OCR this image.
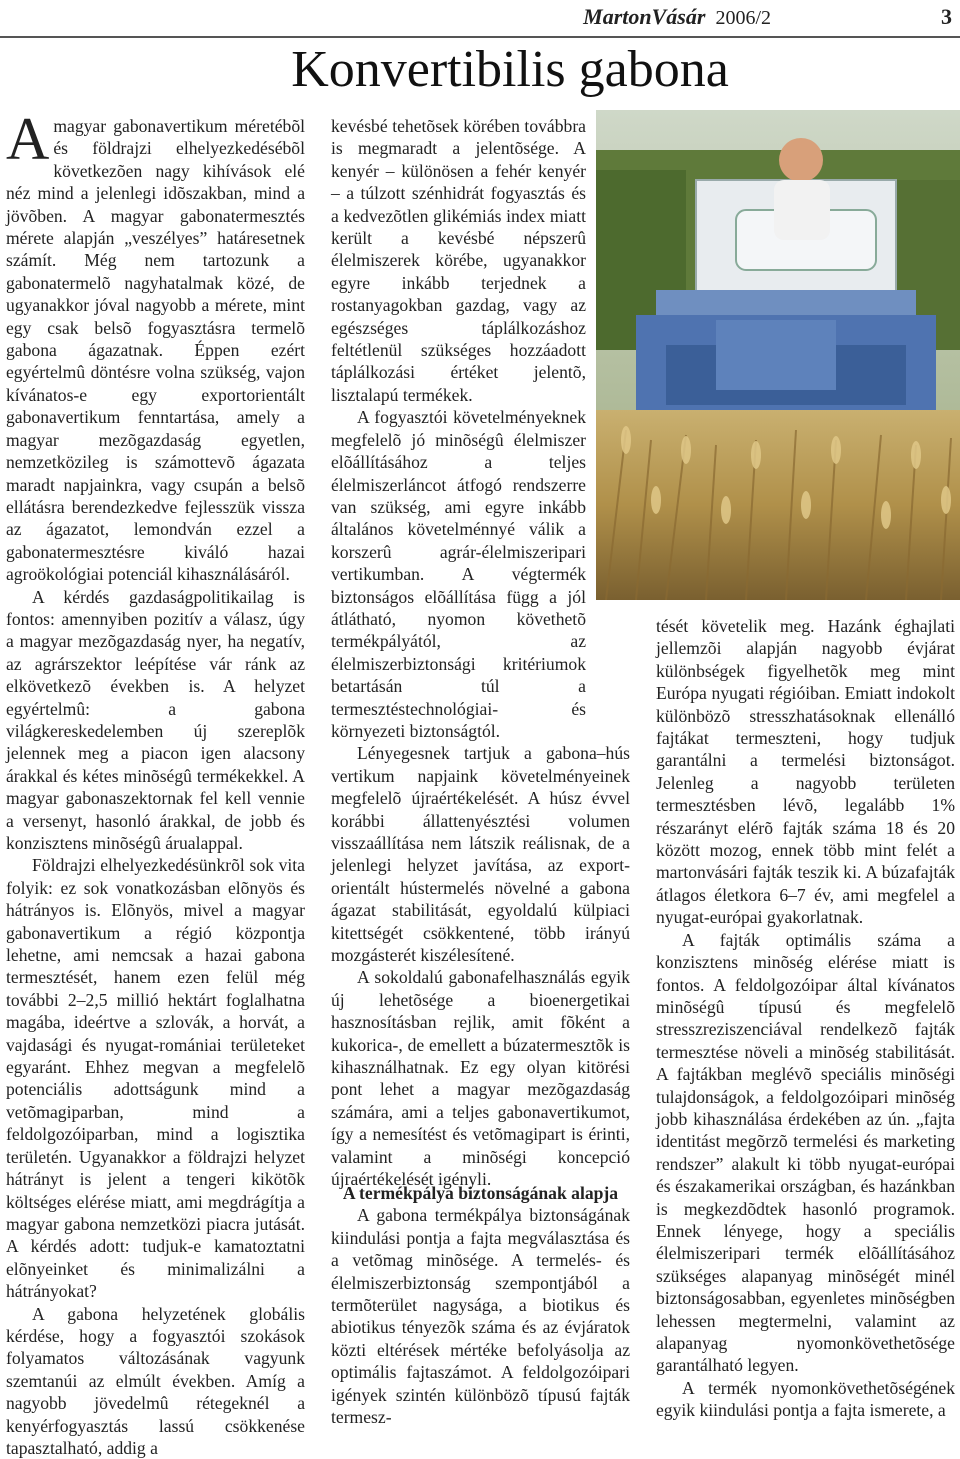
MartonVásár 2006/2	3
Konvertibilis gabona

Amagyar gabonavertikum méretébõl és földrajzi elhelyezkedésébõl következõen nagy kihívások elé néz mind a jelenlegi idõszakban, mind a jövõben. A magyar gabonatermesztés mérete alapján „veszélyes” határesetnek számít. Még nem tartozunk a gabonatermelõ nagyhatalmak közé, de ugyanakkor jóval nagyobb a mérete, mint egy csak belsõ fogyasztásra termelõ gabona ágazatnak. Éppen ezért egyértelmû döntésre volna szükség, vajon kívánatos-e egy exportorientált gabonavertikum fenntartása, amely a magyar mezõgazdaság egyetlen, nemzetközileg is számottevõ ágazata maradt napjainkra, vagy csupán a belsõ ellátásra berendezkedve fejlesszük vissza az ágazatot, lemondván ezzel a gabonatermesztésre kiváló hazai agroökológiai potenciál kihasználásáról.

A kérdés gazdaságpolitikailag is fontos: amennyiben pozitív a válasz, úgy a magyar mezõgazdaság nyer, ha negatív, az agrárszektor leépítése vár ránk az elkövetkezõ években is. A helyzet egyértelmû: a gabona világkereskedelemben új szereplõk jelennek meg a piacon igen alacsony árakkal és kétes minõségû termékekkel. A magyar gabonaszektornak fel kell vennie a versenyt, hasonló árakkal, de jobb és konzisztens minõségû árualappal.

Földrajzi elhelyezkedésünkrõl sok vita folyik: ez sok vonatkozásban elõnyös és hátrányos is. Elõnyös, mivel a magyar gabonavertikum a régió központja lehetne, ami nemcsak a hazai gabona termesztését, hanem ezen felül még további 2–2,5 millió hektárt foglalhatna magába, ideértve a szlovák, a horvát, a vajdasági és nyugat-romániai területeket egyaránt. Ehhez megvan a megfelelõ potenciális adottságunk mind a vetõmagiparban, mind a feldolgozóiparban, mind a logisztika területén. Ugyanakkor a földrajzi helyzet hátrányt is jelent a tengeri kikötõk költséges elérése miatt, ami megdrágítja a magyar gabona nemzetközi piacra jutását. A kérdés adott: tudjuk-e kamatoztatni elõnyeinket és minimalizálni a hátrányokat?

A gabona helyzetének globális kérdése, hogy a fogyasztói szokások folyamatos változásának vagyunk szemtanúi az elmúlt években. Amíg a nagyobb jövedelmû rétegeknél a kenyérfogyasztás lassú csökkenése tapasztalható, addig a

kevésbé tehetõsek körében továbbra is megmaradt a jelentõsége. A kenyér – különösen a fehér kenyér – a túlzott szénhidrát fogyasztás és a kedvezõtlen glikémiás index miatt került a kevésbé népszerû élelmiszerek körébe, ugyanakkor egyre inkább terjednek a rostanyagokban gazdag, vagy az egészséges táplálkozáshoz feltétlenül szükséges hozzáadott táplálkozási értéket jelentõ, lisztalapú termékek.

A fogyasztói követelményeknek megfelelõ jó minõségû élelmiszer elõállításához a teljes élelmiszerláncot átfogó rendszerre van szükség, ami egyre inkább általános követelménnyé válik a korszerû agrár-élelmiszeripari vertikumban. A végtermék biztonságos elõállítása függ a jól átlátható, nyomon követhetõ termékpályától, az élelmiszerbiztonsági kritériumok betartásán túl a termesztéstechnológiai- és környezeti biztonságtól.

Lényegesnek tartjuk a gabona–hús vertikum napjaink követelményeinek megfelelõ újraértékelését. A húsz évvel korábbi állattenyésztési volumen visszaállítása nem látszik reálisnak, de a jelenlegi helyzet javítása, az export-orientált hústermelés növelné a gabona ágazat stabilitását, egyoldalú külpiaci kitettségét csökkentené, több irányú mozgásterét kiszélesítené.

A sokoldalú gabonafelhasználás egyik új lehetõsége a bioenergetikai hasznosításban rejlik, amit fõként a kukorica-, de emellett a búzatermesztõk is kihasználhatnak. Ez egy olyan kitörési pont lehet a magyar mezõgazdaság számára, ami a teljes gabonavertikumot, így a nemesítést és vetõmagipart is érinti, valamint a minõségi koncepció újraértékelését igényli.

A termékpálya biztonságának alapja

A gabona termékpálya biztonságának kiindulási pontja a fajta megválasztása és a vetõmag minõsége. A termelés- és élelmiszerbiztonság szempontjából a termõterület nagysága, a biotikus és abiotikus tényezõk száma és az évjáratok közti eltérések mértéke befolyásolja az optimális fajtaszámot. A feldolgozóipari igények szintén különbözõ típusú fajták termesz-

tését követelik meg. Hazánk éghajlati jellemzõi alapján nagyobb évjárat különbségek figyelhetõk meg mint Európa nyugati régióiban. Emiatt indokolt különbözõ stresszhatásoknak ellenálló fajtákat termeszteni, hogy tudjuk garantálni a termelési biztonságot. Jelenleg a nagyobb területen termesztésben lévõ, legalább 1% részarányt elérõ fajták száma 18 és 20 között mozog, ennek több mint felét a martonvásári fajták teszik ki. A búzafajták átlagos életkora 6–7 év, ami megfelel a nyugat-európai gyakorlatnak.

A fajták optimális száma a konzisztens minõség elérése miatt is fontos. A feldolgozóipar által kívánatos minõségû típusú és megfelelõ stresszreziszenciával rendelkezõ fajták termesztése növeli a minõség stabilitását. A fajtákban meglévõ speciális minõségi tulajdonságok, a feldolgozóipari minõség jobb kihasználása érdekében az ún. „fajta identitást megõrzõ termelési és marketing rendszer” alakult ki több nyugat-európai és északamerikai országban, és hazánkban is megkezdõdtek hasonló programok. Ennek lényege, hogy a speciális élelmiszeripari termék elõállításához szükséges alapanyag minõségét minél biztonságosabban, egyenletes minõségben lehessen megtermelni, valamint az alapanyag nyomonkövethetõsége garantálható legyen.

A termék nyomonkövethetõségének egyik kiindulási pontja a fajta ismerete, a
